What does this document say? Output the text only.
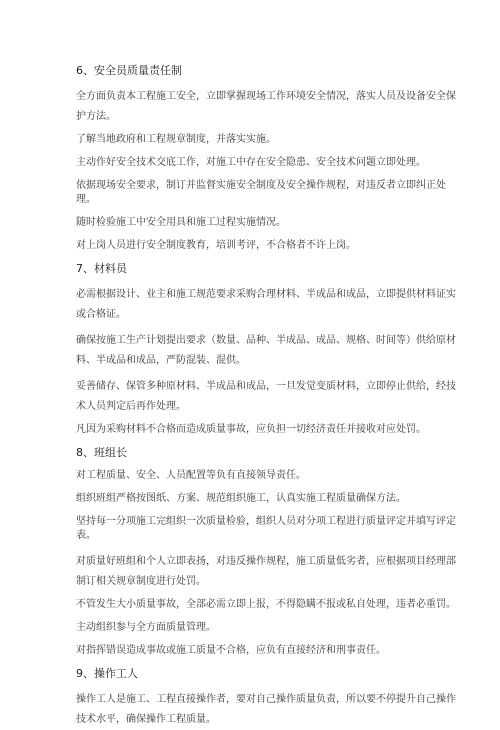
6、安全员质量责任制
全方面负责本工程施工安全，立即掌握现场工作环境安全情况，落实人员及设备安全保护方法。
了解当地政府和工程规章制度，并落实实施。
主动作好安全技术交底工作，对施工中存在安全隐患、安全技术问题立即处理。
依据现场安全要求，制订并监督实施安全制度及安全操作规程，对违反者立即纠正处理。
随时检验施工中安全用具和施工过程实施情况。
对上岗人员进行安全制度教育，培训考评，不合格者不许上岗。
7、材料员
必需根据设计、业主和施工规范要求采购合理材料、半成品和成品，立即提供材料证实或合格证。
确保按施工生产计划提出要求（数量、品种、半成品、成品、规格、时间等）供给原材料、半成品和成品，严防混装、混供。
妥善储存、保管多种原材料、半成品和成品，一旦发觉变质材料，立即停止供给，经技术人员判定后再作处理。
凡因为采购材料不合格而造成质量事故，应负担一切经济责任并接收对应处罚。
8、班组长
对工程质量、安全、人员配置等负有直接领导责任。
组织班组严格按图纸、方案、规范组织施工，认真实施工程质量确保方法。
坚持每一分项施工完组织一次质量检验，组织人员对分项工程进行质量评定并填写评定表。
对质量好班组和个人立即表扬，对违反操作规程，施工质量低劣者，应根据项目经理部制订相关规章制度进行处罚。
不管发生大小质量事故，全部必需立即上报，不得隐瞒不报或私自处理，违者必重罚。
主动组织参与全方面质量管理。
对指挥错误造成事故或施工质量不合格，应负有直接经济和刑事责任。
9、操作工人
操作工人是施工、工程直接操作者，要对自己操作质量负责，所以要不停提升自己操作技术水平，确保操作工程质量。
